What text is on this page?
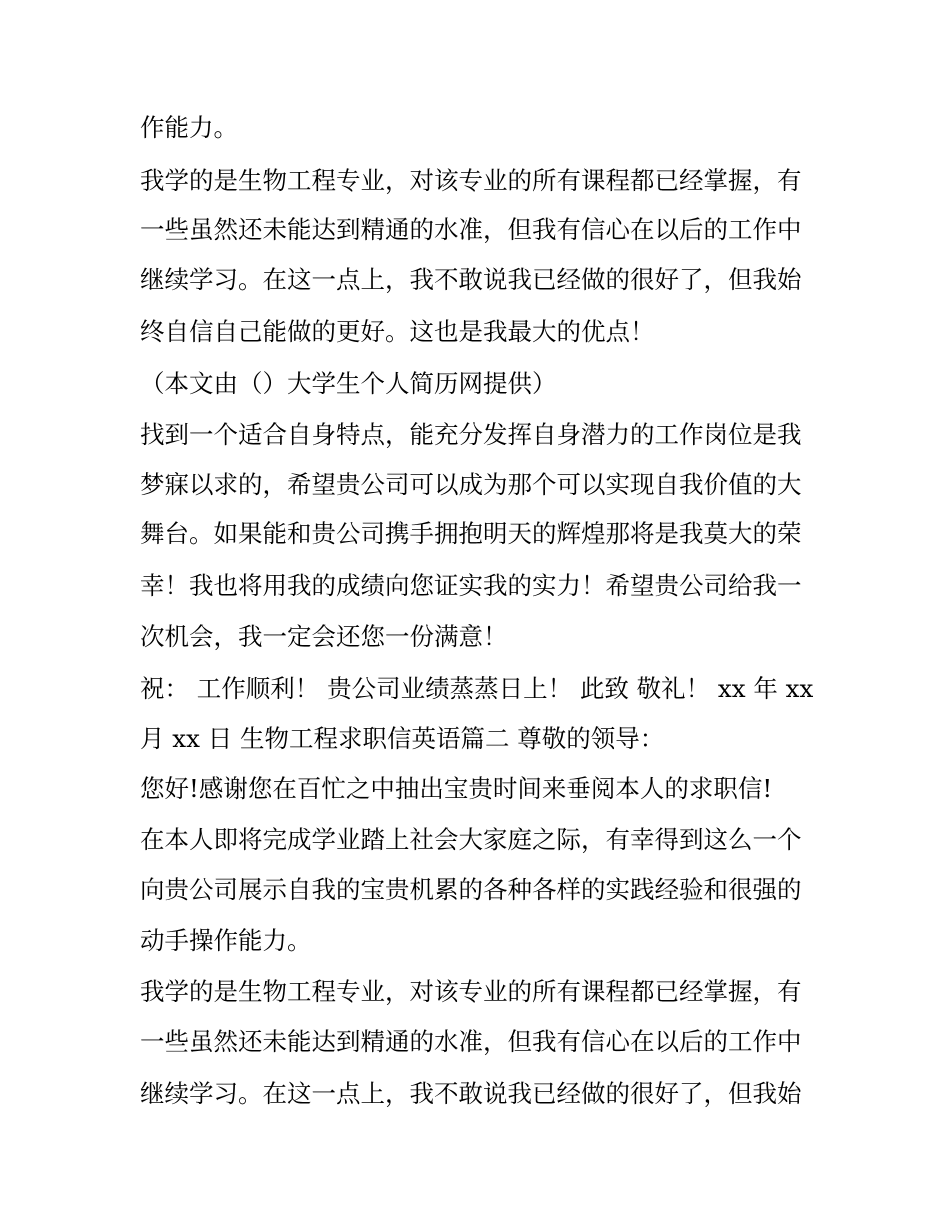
作能力。
我学的是生物工程专业，对该专业的所有课程都已经掌握，有
一些虽然还未能达到精通的水准，但我有信心在以后的工作中
继续学习。在这一点上，我不敢说我已经做的很好了，但我始
终自信自己能做的更好。这也是我最大的优点！
（本文由（）大学生个人简历网提供）
找到一个适合自身特点，能充分发挥自身潜力的工作岗位是我
梦寐以求的，希望贵公司可以成为那个可以实现自我价值的大
舞台。如果能和贵公司携手拥抱明天的辉煌那将是我莫大的荣
幸！我也将用我的成绩向您证实我的实力！希望贵公司给我一
次机会，我一定会还您一份满意！
祝： 工作顺利！ 贵公司业绩蒸蒸日上！ 此致 敬礼！ xx 年 xx
月 xx 日 生物工程求职信英语篇二 尊敬的领导：
您好!感谢您在百忙之中抽出宝贵时间来垂阅本人的求职信!
在本人即将完成学业踏上社会大家庭之际，有幸得到这么一个
向贵公司展示自我的宝贵机累的各种各样的实践经验和很强的
动手操作能力。
我学的是生物工程专业，对该专业的所有课程都已经掌握，有
一些虽然还未能达到精通的水准，但我有信心在以后的工作中
继续学习。在这一点上，我不敢说我已经做的很好了，但我始
